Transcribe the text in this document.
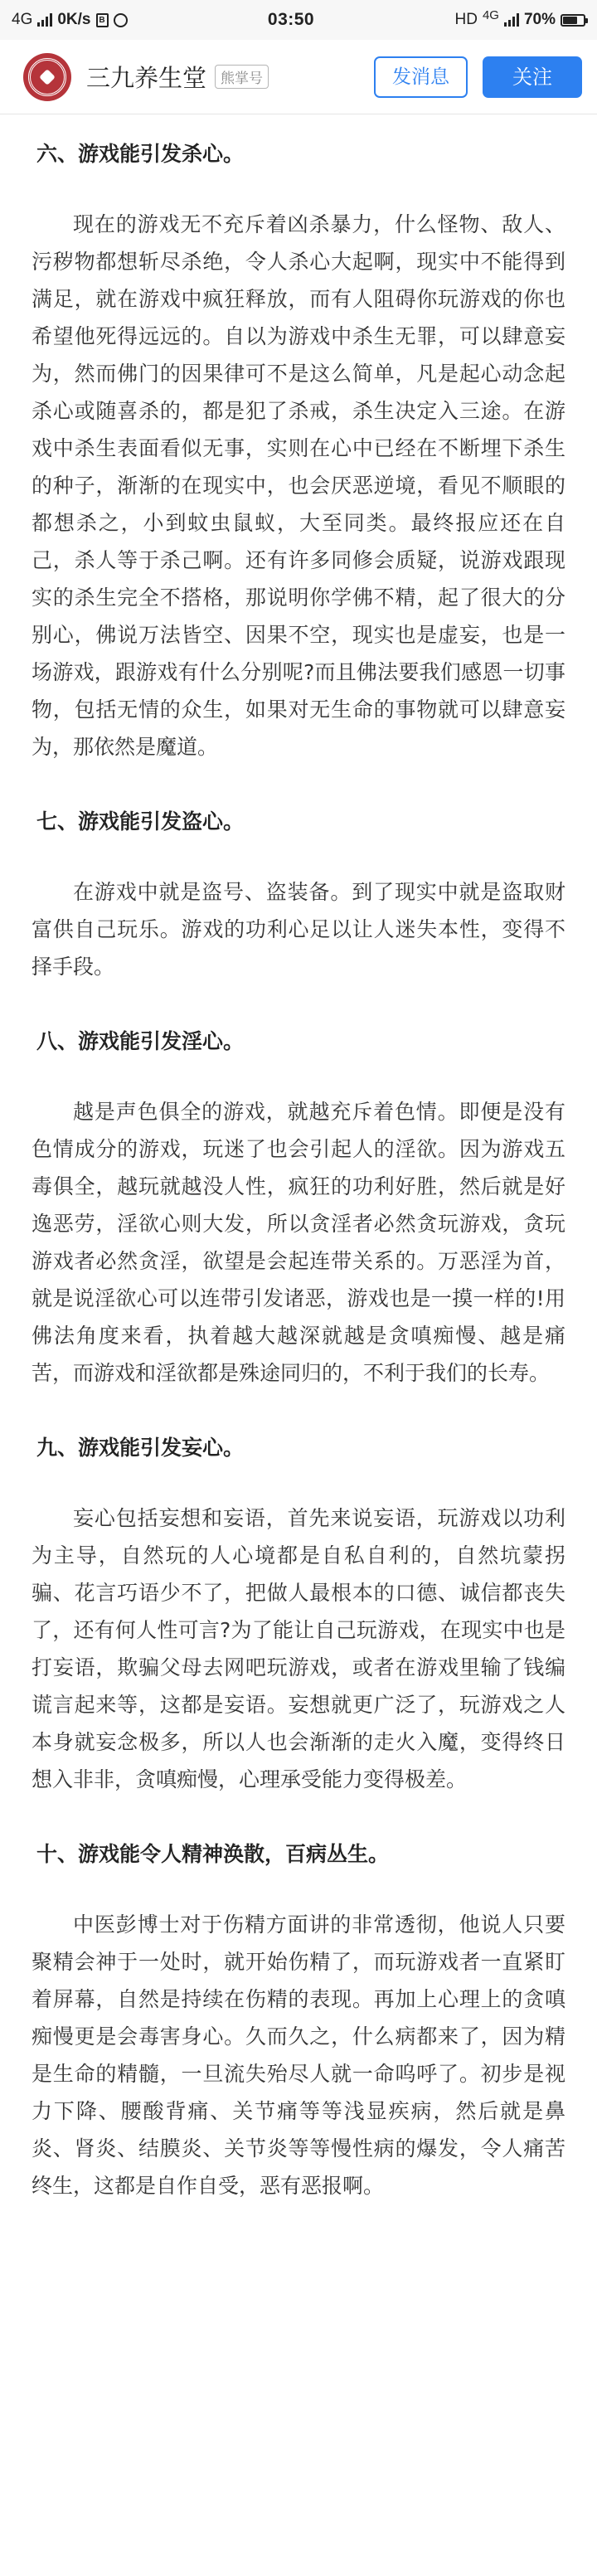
4G 0K/s B	03:50	HD 4G 70%
三九养生堂	熊掌号	发消息	关注
六、游戏能引发杀心。

现在的游戏无不充斥着凶杀暴力，什么怪物、敌人、污秽物都想斩尽杀绝，令人杀心大起啊，现实中不能得到满足，就在游戏中疯狂释放，而有人阻碍你玩游戏的你也希望他死得远远的。自以为游戏中杀生无罪，可以肆意妄为，然而佛门的因果律可不是这么简单，凡是起心动念起杀心或随喜杀的，都是犯了杀戒，杀生决定入三途。在游戏中杀生表面看似无事，实则在心中已经在不断埋下杀生的种子，渐渐的在现实中，也会厌恶逆境，看见不顺眼的都想杀之，小到蚊虫鼠蚁，大至同类。最终报应还在自己，杀人等于杀己啊。还有许多同修会质疑，说游戏跟现实的杀生完全不搭格，那说明你学佛不精，起了很大的分别心，佛说万法皆空、因果不空，现实也是虚妄，也是一场游戏，跟游戏有什么分别呢?而且佛法要我们感恩一切事物，包括无情的众生，如果对无生命的事物就可以肆意妄为，那依然是魔道。

七、游戏能引发盗心。

在游戏中就是盗号、盗装备。到了现实中就是盗取财富供自己玩乐。游戏的功利心足以让人迷失本性，变得不择手段。

八、游戏能引发淫心。

越是声色俱全的游戏，就越充斥着色情。即便是没有色情成分的游戏，玩迷了也会引起人的淫欲。因为游戏五毒俱全，越玩就越没人性，疯狂的功利好胜，然后就是好逸恶劳，淫欲心则大发，所以贪淫者必然贪玩游戏，贪玩游戏者必然贪淫，欲望是会起连带关系的。万恶淫为首，就是说淫欲心可以连带引发诸恶，游戏也是一摸一样的!用佛法角度来看，执着越大越深就越是贪嗔痴慢、越是痛苦，而游戏和淫欲都是殊途同归的，不利于我们的长寿。

九、游戏能引发妄心。

妄心包括妄想和妄语，首先来说妄语，玩游戏以功利为主导，自然玩的人心境都是自私自利的，自然坑蒙拐骗、花言巧语少不了，把做人最根本的口德、诚信都丧失了，还有何人性可言?为了能让自己玩游戏，在现实中也是打妄语，欺骗父母去网吧玩游戏，或者在游戏里输了钱编谎言起来等，这都是妄语。妄想就更广泛了，玩游戏之人本身就妄念极多，所以人也会渐渐的走火入魔，变得终日想入非非，贪嗔痴慢，心理承受能力变得极差。

十、游戏能令人精神涣散，百病丛生。

中医彭博士对于伤精方面讲的非常透彻，他说人只要聚精会神于一处时，就开始伤精了，而玩游戏者一直紧盯着屏幕，自然是持续在伤精的表现。再加上心理上的贪嗔痴慢更是会毒害身心。久而久之，什么病都来了，因为精是生命的精髓，一旦流失殆尽人就一命呜呼了。初步是视力下降、腰酸背痛、关节痛等等浅显疾病，然后就是鼻炎、肾炎、结膜炎、关节炎等等慢性病的爆发，令人痛苦终生，这都是自作自受，恶有恶报啊。
